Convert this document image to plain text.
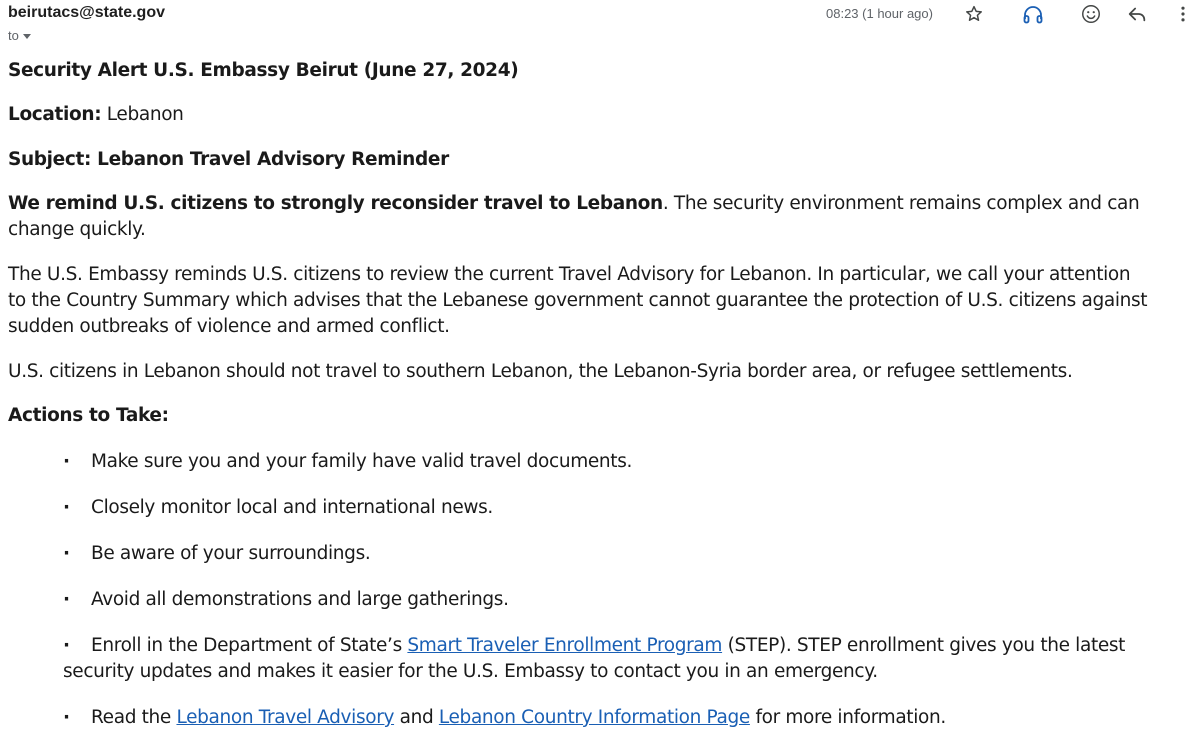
beirutacs@state.gov
to
08:23 (1 hour ago)
Security Alert U.S. Embassy Beirut (June 27, 2024)
Location: Lebanon
Subject: Lebanon Travel Advisory Reminder
We remind U.S. citizens to strongly reconsider travel to Lebanon. The security environment remains complex and can
change quickly.
The U.S. Embassy reminds U.S. citizens to review the current Travel Advisory for Lebanon. In particular, we call your attention
to the Country Summary which advises that the Lebanese government cannot guarantee the protection of U.S. citizens against
sudden outbreaks of violence and armed conflict.
U.S. citizens in Lebanon should not travel to southern Lebanon, the Lebanon-Syria border area, or refugee settlements.
Actions to Take:
· Make sure you and your family have valid travel documents.
· Closely monitor local and international news.
· Be aware of your surroundings.
· Avoid all demonstrations and large gatherings.
· Enroll in the Department of State’s Smart Traveler Enrollment Program (STEP). STEP enrollment gives you the latest
security updates and makes it easier for the U.S. Embassy to contact you in an emergency.
· Read the Lebanon Travel Advisory and Lebanon Country Information Page for more information.
